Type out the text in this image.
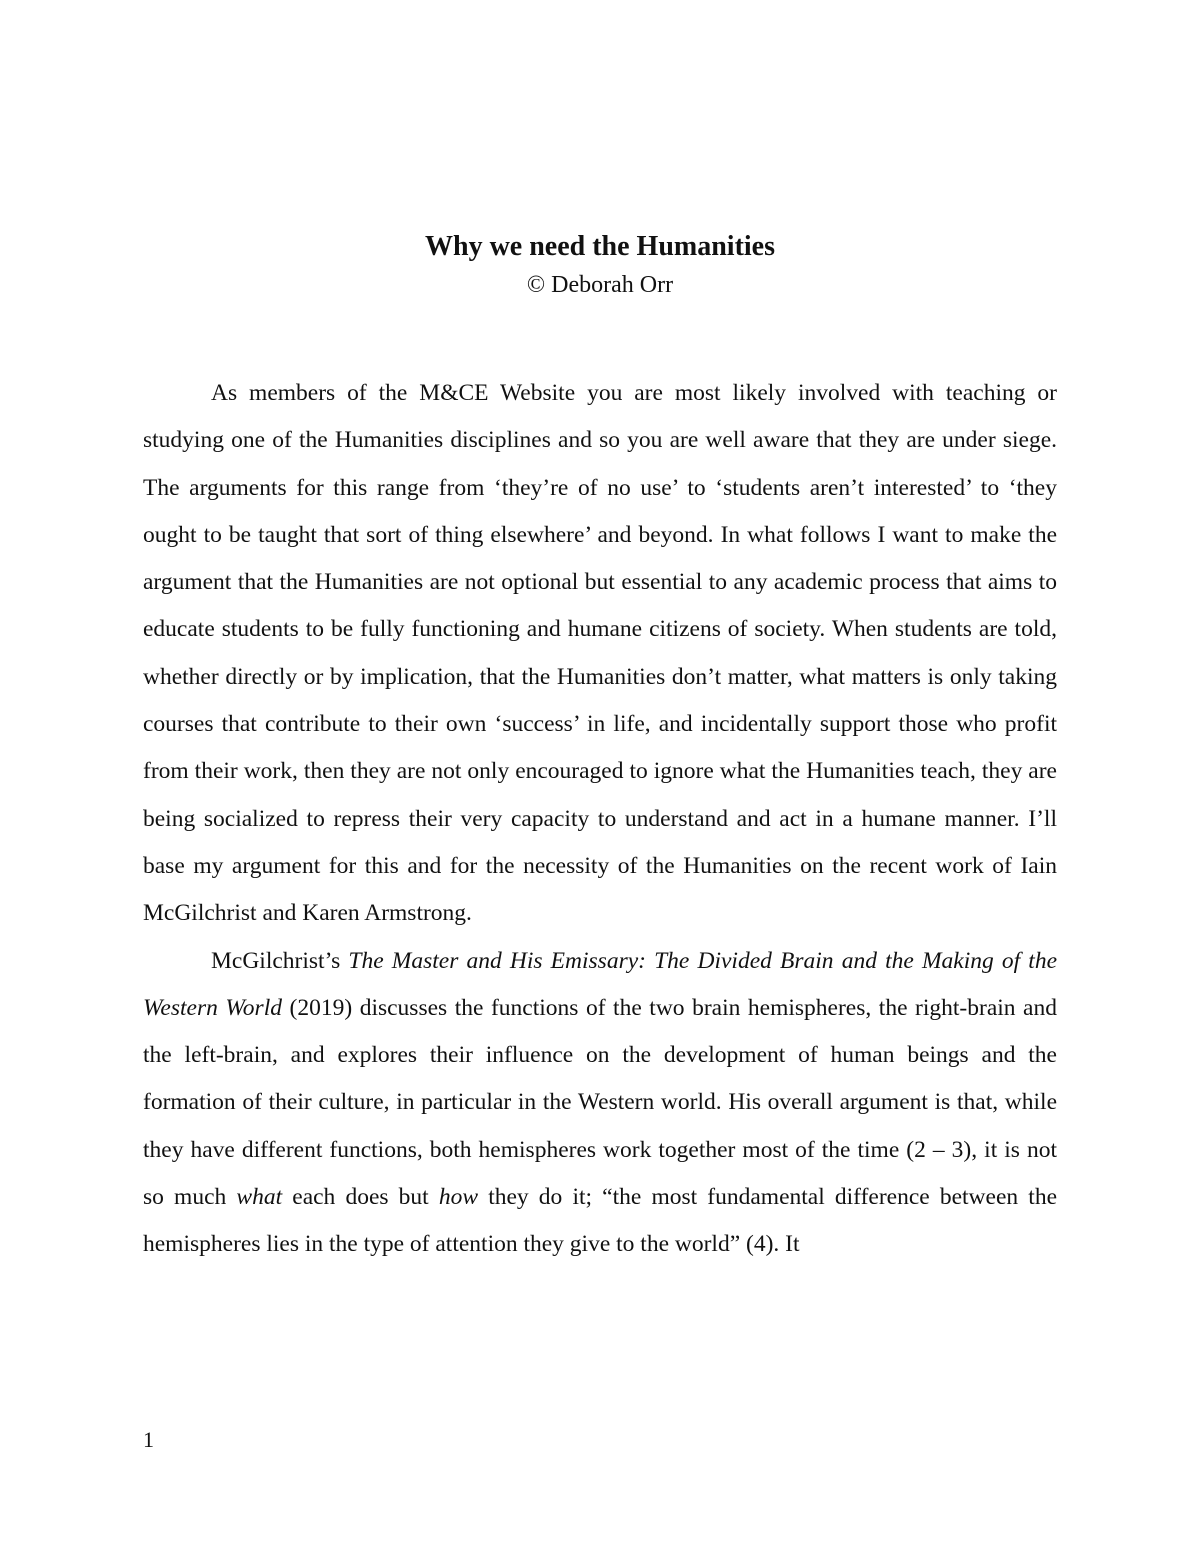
Why we need the Humanities
© Deborah Orr

As members of the M&CE Website you are most likely involved with teaching or studying one of the Humanities disciplines and so you are well aware that they are under siege. The arguments for this range from ‘they’re of no use’ to ‘students aren’t interested’ to ‘they ought to be taught that sort of thing elsewhere’ and beyond. In what follows I want to make the argument that the Humanities are not optional but essential to any academic process that aims to educate students to be fully functioning and humane citizens of society. When students are told, whether directly or by implication, that the Humanities don’t matter, what matters is only taking courses that contribute to their own ‘success’ in life, and incidentally support those who profit from their work, then they are not only encouraged to ignore what the Humanities teach, they are being socialized to repress their very capacity to understand and act in a humane manner. I’ll base my argument for this and for the necessity of the Humanities on the recent work of Iain McGilchrist and Karen Armstrong.

McGilchrist’s The Master and His Emissary: The Divided Brain and the Making of the Western World (2019) discusses the functions of the two brain hemispheres, the right-brain and the left-brain, and explores their influence on the development of human beings and the formation of their culture, in particular in the Western world. His overall argument is that, while they have different functions, both hemispheres work together most of the time (2 – 3), it is not so much what each does but how they do it; “the most fundamental difference between the hemispheres lies in the type of attention they give to the world” (4). It

1
